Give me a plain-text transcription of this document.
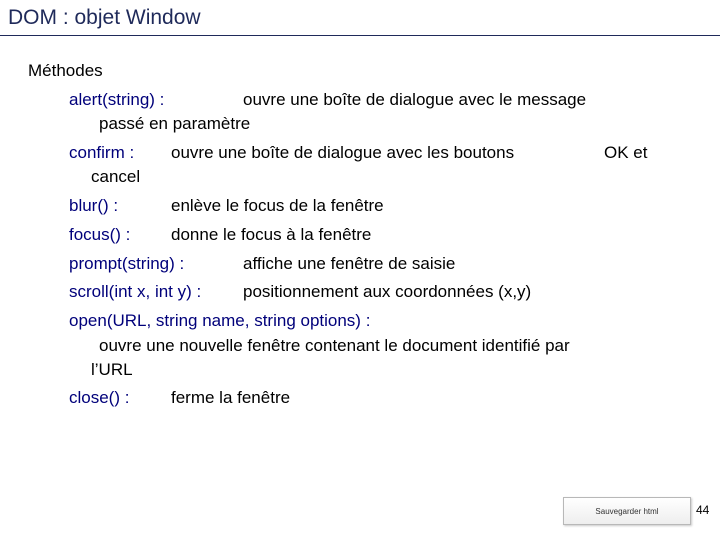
DOM : objet Window
Méthodes
alert(string) :	ouvre une boîte de dialogue avec le message
passé en paramètre
confirm : ouvre une boîte de dialogue avec les boutons	OK et
cancel
blur() :	enlève le focus de la fenêtre
focus() : donne le focus à la fenêtre
prompt(string) :	affiche une fenêtre de saisie
scroll(int x, int y) : positionnement aux coordonnées (x,y)
open(URL, string name, string options) :
ouvre une nouvelle fenêtre contenant le document identifié par
l’URL
close() : ferme la fenêtre
Sauvegarder html	44
